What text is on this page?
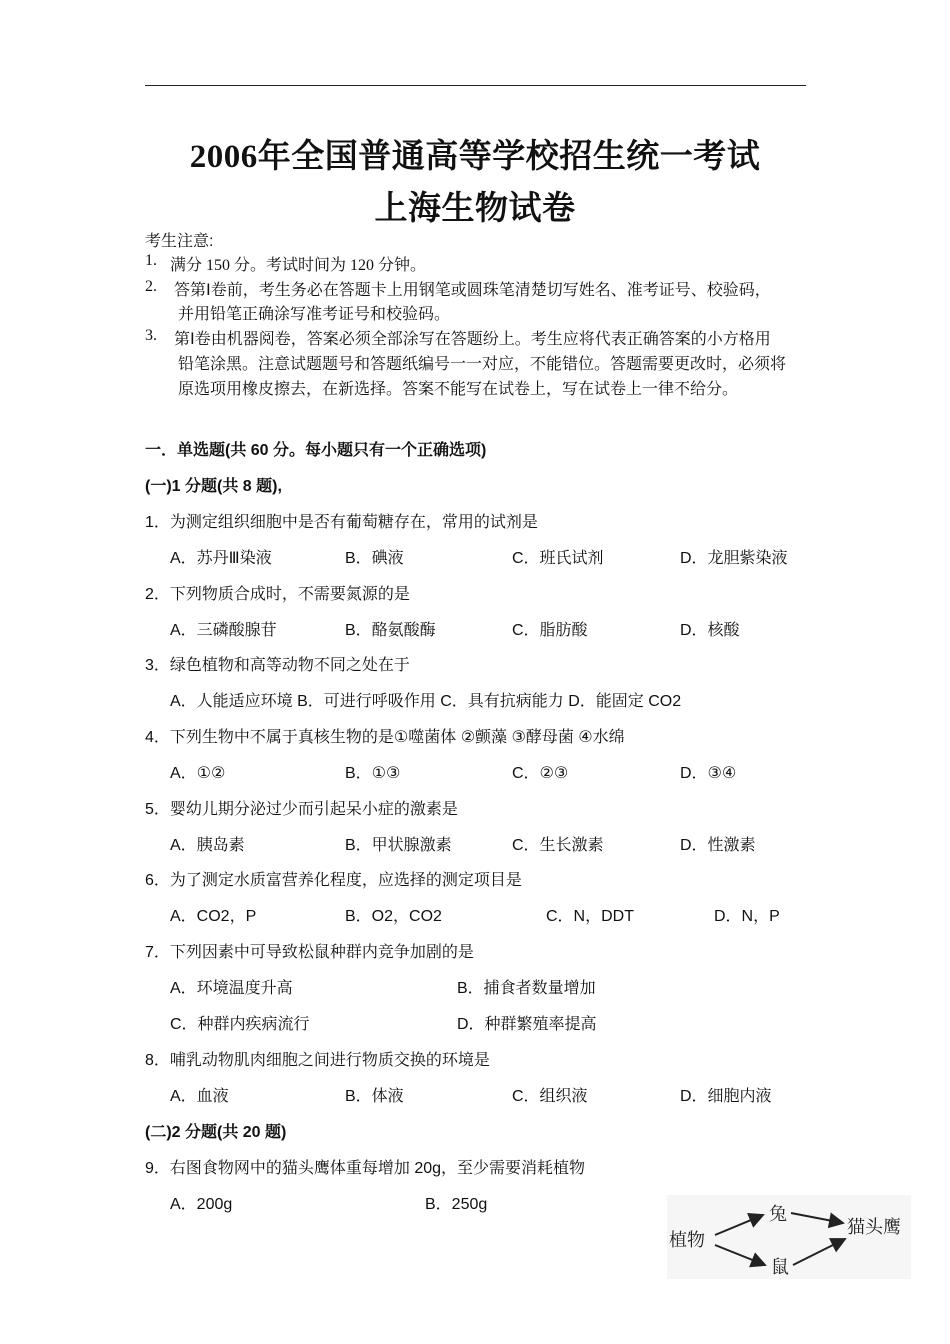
2006年全国普通高等学校招生统一考试
上海生物试卷
考生注意:
1. 满分 150 分。考试时间为 120 分钟。
2. 答第Ⅰ卷前，考生务必在答题卡上用钢笔或圆珠笔清楚切写姓名、准考证号、校验码，
并用铅笔正确涂写准考证号和校验码。
3. 第Ⅰ卷由机器阅卷，答案必须全部涂写在答题纷上。考生应将代表正确答案的小方格用
铅笔涂黑。注意试题题号和答题纸编号一一对应，不能错位。答题需要更改时，必须将
原选项用橡皮擦去，在新选择。答案不能写在试卷上，写在试卷上一律不给分。
一．单选题(共 60 分。每小题只有一个正确选项)
(一)1 分题(共 8 题),
1．为测定组织细胞中是否有葡萄糖存在，常用的试剂是
A．苏丹Ⅲ染液	B．碘液	C．班氏试剂	D．龙胆紫染液
2．下列物质合成时，不需要氮源的是
A．三磷酸腺苷	B．酪氨酸酶	C．脂肪酸	D．核酸
3．绿色植物和高等动物不同之处在于
A．人能适应环境 B．可进行呼吸作用 C．具有抗病能力 D．能固定 CO2
4．下列生物中不属于真核生物的是①噬菌体 ②颤藻 ③酵母菌 ④水绵
A．①②	B．①③	C．②③	D．③④
5．婴幼儿期分泌过少而引起呆小症的激素是
A．胰岛素	B．甲状腺激素	C．生长激素	D．性激素
6．为了测定水质富营养化程度，应选择的测定项目是
A．CO2，P	B．O2，CO2	C．N，DDT	D．N，P
7．下列因素中可导致松鼠种群内竞争加剧的是
A．环境温度升高	B．捕食者数量增加
C．种群内疾病流行	D．种群繁殖率提高
8．哺乳动物肌肉细胞之间进行物质交换的环境是
A．血液	B．体液	C．组织液	D．细胞内液
(二)2 分题(共 20 题)
9．右图食物网中的猫头鹰体重每增加 20g，至少需要消耗植物
A．200g	B．250g
植物
兔
鼠
猫头鹰
